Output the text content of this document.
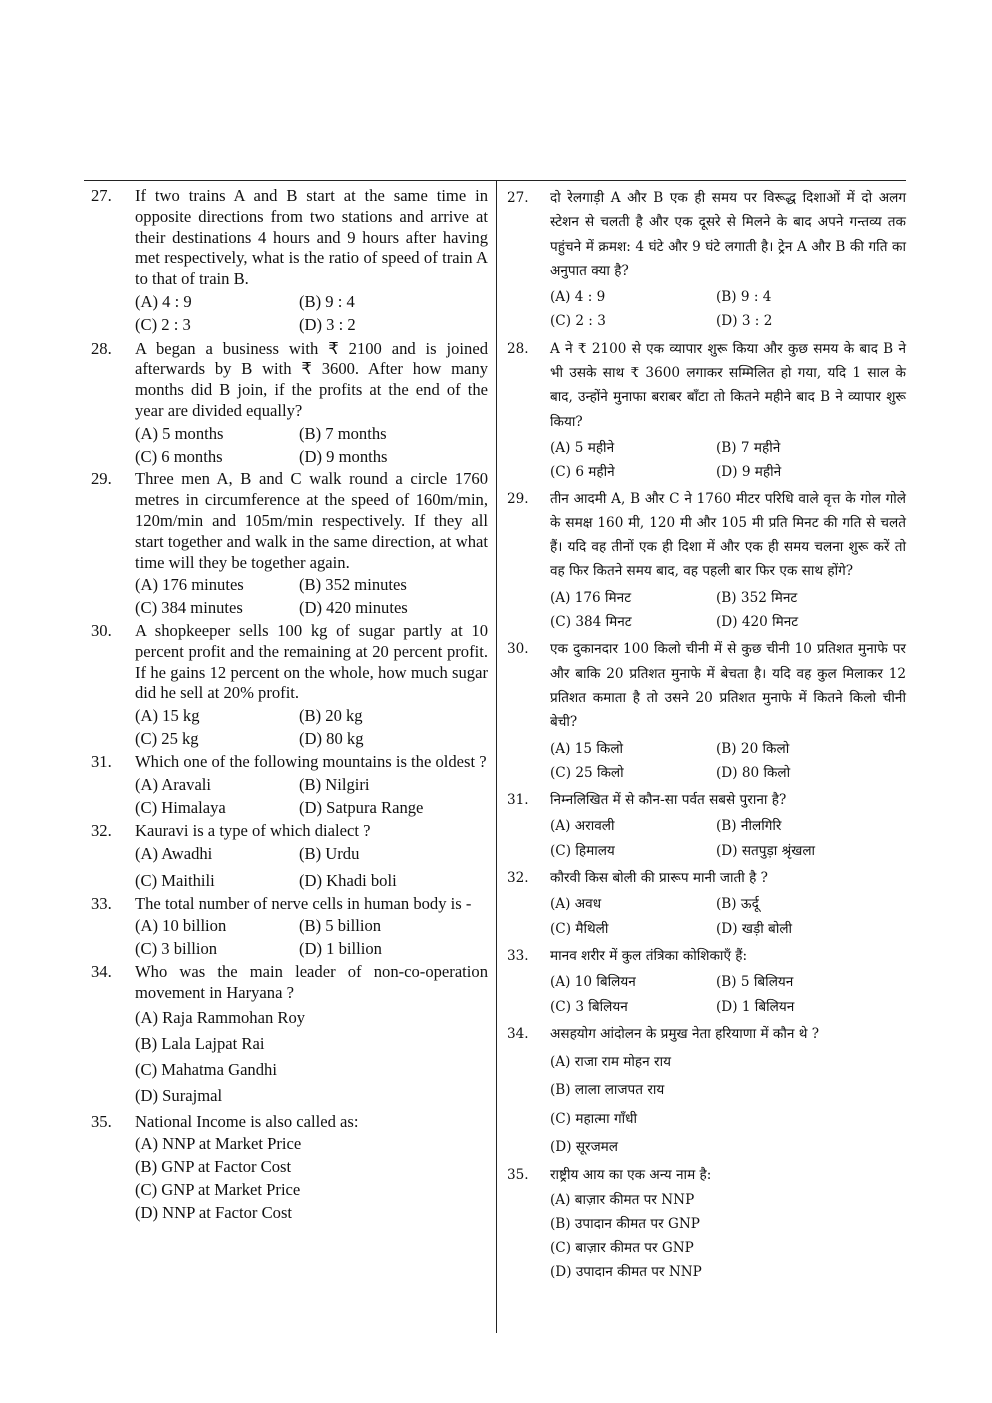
27. If two trains A and B start at the same time in opposite directions from two stations and arrive at their destinations 4 hours and 9 hours after having met respectively, what is the ratio of speed of train A to that of train B.
(A) 4 : 9	(B) 9 : 4
(C) 2 : 3	(D) 3 : 2
28. A began a business with ₹ 2100 and is joined afterwards by B with ₹ 3600. After how many months did B join, if the profits at the end of the year are divided equally?
(A) 5 months	(B) 7 months
(C) 6 months	(D) 9 months
29. Three men A, B and C walk round a circle 1760 metres in circumference at the speed of 160m/min, 120m/min and 105m/min respectively. If they all start together and walk in the same direction, at what time will they be together again.
(A) 176 minutes	(B) 352 minutes
(C) 384 minutes	(D) 420 minutes
30. A shopkeeper sells 100 kg of sugar partly at 10 percent profit and the remaining at 20 percent profit. If he gains 12 percent on the whole, how much sugar did he sell at 20% profit.
(A) 15 kg	(B) 20 kg
(C) 25 kg	(D) 80 kg
31. Which one of the following mountains is the oldest ?
(A) Aravali	(B) Nilgiri
(C) Himalaya	(D) Satpura Range
32. Kauravi is a type of which dialect ?
(A) Awadhi	(B) Urdu
(C) Maithili	(D) Khadi boli
33. The total number of nerve cells in human body is -
(A) 10 billion	(B) 5 billion
(C) 3 billion	(D) 1 billion
34. Who was the main leader of non-co-operation movement in Haryana ?
(A) Raja Rammohan Roy
(B) Lala Lajpat Rai
(C) Mahatma Gandhi
(D) Surajmal
35. National Income is also called as:
(A) NNP at Market Price
(B) GNP at Factor Cost
(C) GNP at Market Price
(D) NNP at Factor Cost
27. दो रेलगाड़ी A और B एक ही समय पर विरूद्ध दिशाओं में दो अलग स्टेशन से चलती है और एक दूसरे से मिलने के बाद अपने गन्तव्य तक पहुंचने में क्रमश: 4 घंटे और 9 घंटे लगाती है। ट्रेन A और B की गति का अनुपात क्या है?
(A) 4 : 9	(B) 9 : 4
(C) 2 : 3	(D) 3 : 2
28. A ने ₹ 2100 से एक व्यापार शुरू किया और कुछ समय के बाद B ने भी उसके साथ ₹ 3600 लगाकर सम्मिलित हो गया, यदि 1 साल के बाद, उन्होंने मुनाफा बराबर बाँटा तो कितने महीने बाद B ने व्यापार शुरू किया?
(A) 5 महीने	(B) 7 महीने
(C) 6 महीने	(D) 9 महीने
29. तीन आदमी A, B और C ने 1760 मीटर परिधि वाले वृत्त के गोल गोले के समक्ष 160 मी, 120 मी और 105 मी प्रति मिनट की गति से चलते हैं। यदि वह तीनों एक ही दिशा में और एक ही समय चलना शुरू करें तो वह फिर कितने समय बाद, वह पहली बार फिर एक साथ होंगे?
(A) 176 मिनट	(B) 352 मिनट
(C) 384 मिनट	(D) 420 मिनट
30. एक दुकानदार 100 किलो चीनी में से कुछ चीनी 10 प्रतिशत मुनाफे पर और बाकि 20 प्रतिशत मुनाफे में बेचता है। यदि वह कुल मिलाकर 12 प्रतिशत कमाता है तो उसने 20 प्रतिशत मुनाफे में कितने किलो चीनी बेची?
(A) 15 किलो	(B) 20 किलो
(C) 25 किलो	(D) 80 किलो
31. निम्नलिखित में से कौन-सा पर्वत सबसे पुराना है?
(A) अरावली	(B) नीलगिरि
(C) हिमालय	(D) सतपुड़ा श्रृंखला
32. कौरवी किस बोली की प्रारूप मानी जाती है ?
(A) अवध	(B) ऊर्दू
(C) मैथिली	(D) खड़ी बोली
33. मानव शरीर में कुल तंत्रिका कोशिकाएँ हैं:
(A) 10 बिलियन	(B) 5 बिलियन
(C) 3 बिलियन	(D) 1 बिलियन
34. असहयोग आंदोलन के प्रमुख नेता हरियाणा में कौन थे ?
(A) राजा राम मोहन राय
(B) लाला लाजपत राय
(C) महात्मा गाँधी
(D) सूरजमल
35. राष्ट्रीय आय का एक अन्य नाम है:
(A) बाज़ार कीमत पर NNP
(B) उपादान कीमत पर GNP
(C) बाज़ार कीमत पर GNP
(D) उपादान कीमत पर NNP
